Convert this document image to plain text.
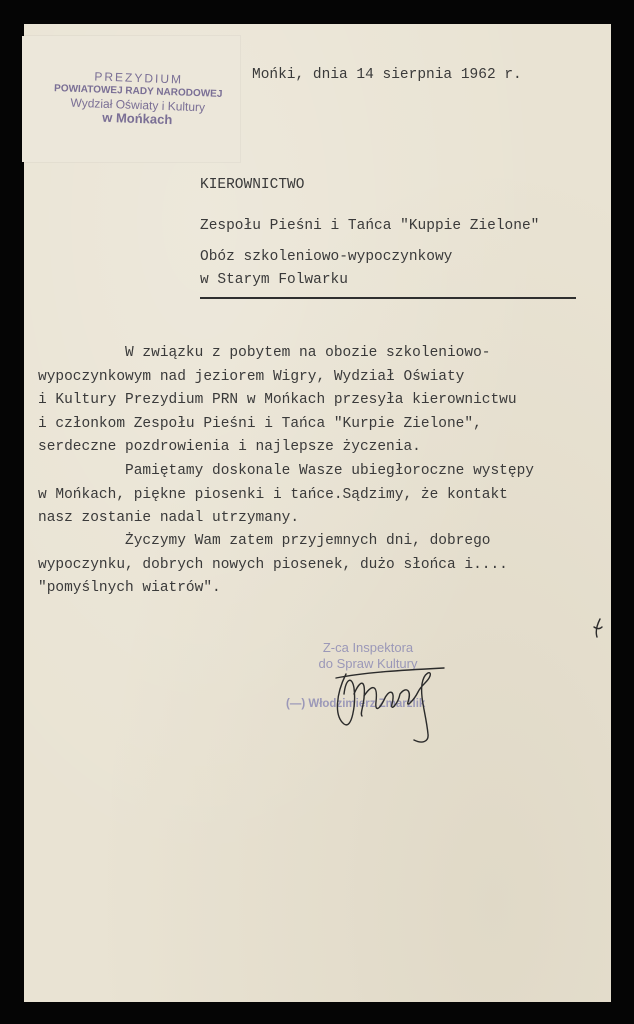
PREZYDIUM
POWIATOWEJ RADY NARODOWEJ
Wydział Oświaty i Kultury
w Mońkach
Mońki, dnia 14 sierpnia 1962 r.
KIEROWNICTWO
Zespołu Pieśni i Tańca "Kuppie Zielone"
Obóz szkoleniowo-wypoczynkowy
w Starym Folwarku
W związku z pobytem na obozie szkoleniowo-
wypoczynkowym nad jeziorem Wigry, Wydział Oświaty
i Kultury Prezydium PRN w Mońkach przesyła kierownictwu
i członkom Zespołu Pieśni i Tańca "Kurpie Zielone",
serdeczne pozdrowienia i najlepsze życzenia.
Pamiętamy doskonale Wasze ubiegłoroczne występy
w Mońkach, piękne piosenki i tańce.Sądzimy, że kontakt
nasz zostanie nadal utrzymany.
Życzymy Wam zatem przyjemnych dni, dobrego
wypoczynku, dobrych nowych piosenek, dużo słońca i....
"pomyślnych wiatrów".
Z-ca Inspektora
do Spraw Kultury
(—) Włodzimierz Zmarzlik
